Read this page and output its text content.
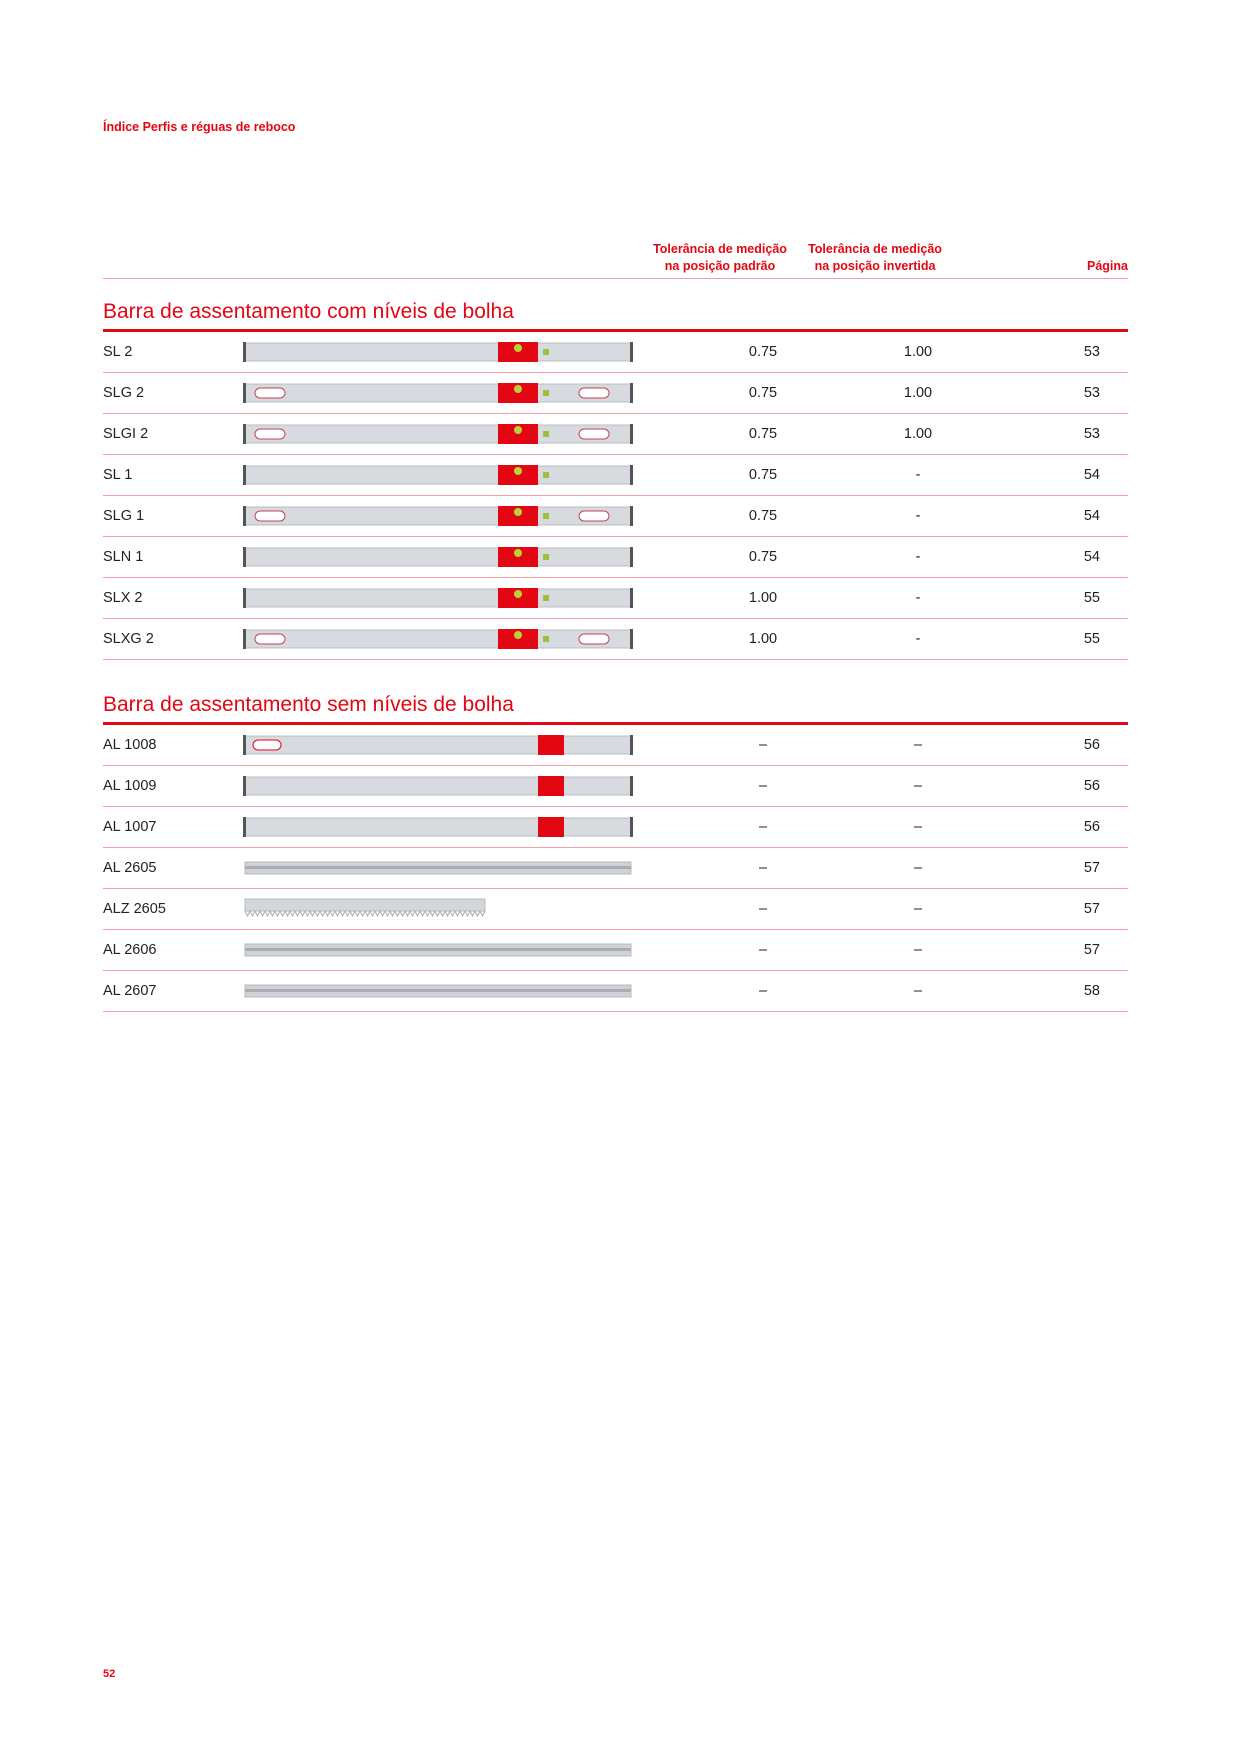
Índice Perfis e réguas de reboco
Tolerância de medição
na posição padrão
Tolerância de medição
na posição invertida	Página
Barra de assentamento com níveis de bolha
SL 2	0.75	1.00	53
SLG 2	0.75	1.00	53
SLGI 2	0.75	1.00	53
SL 1	0.75	-	54
SLG 1	0.75	-	54
SLN 1	0.75	-	54
SLX 2	1.00	-	55
SLXG 2	1.00	-	55
Barra de assentamento sem níveis de bolha
AL 1008	–	–	56
AL 1009	–	–	56
AL 1007	–	–	56
AL 2605	–	–	57
ALZ 2605	–	–	57
AL 2606	–	–	57
AL 2607	–	–	58
52
